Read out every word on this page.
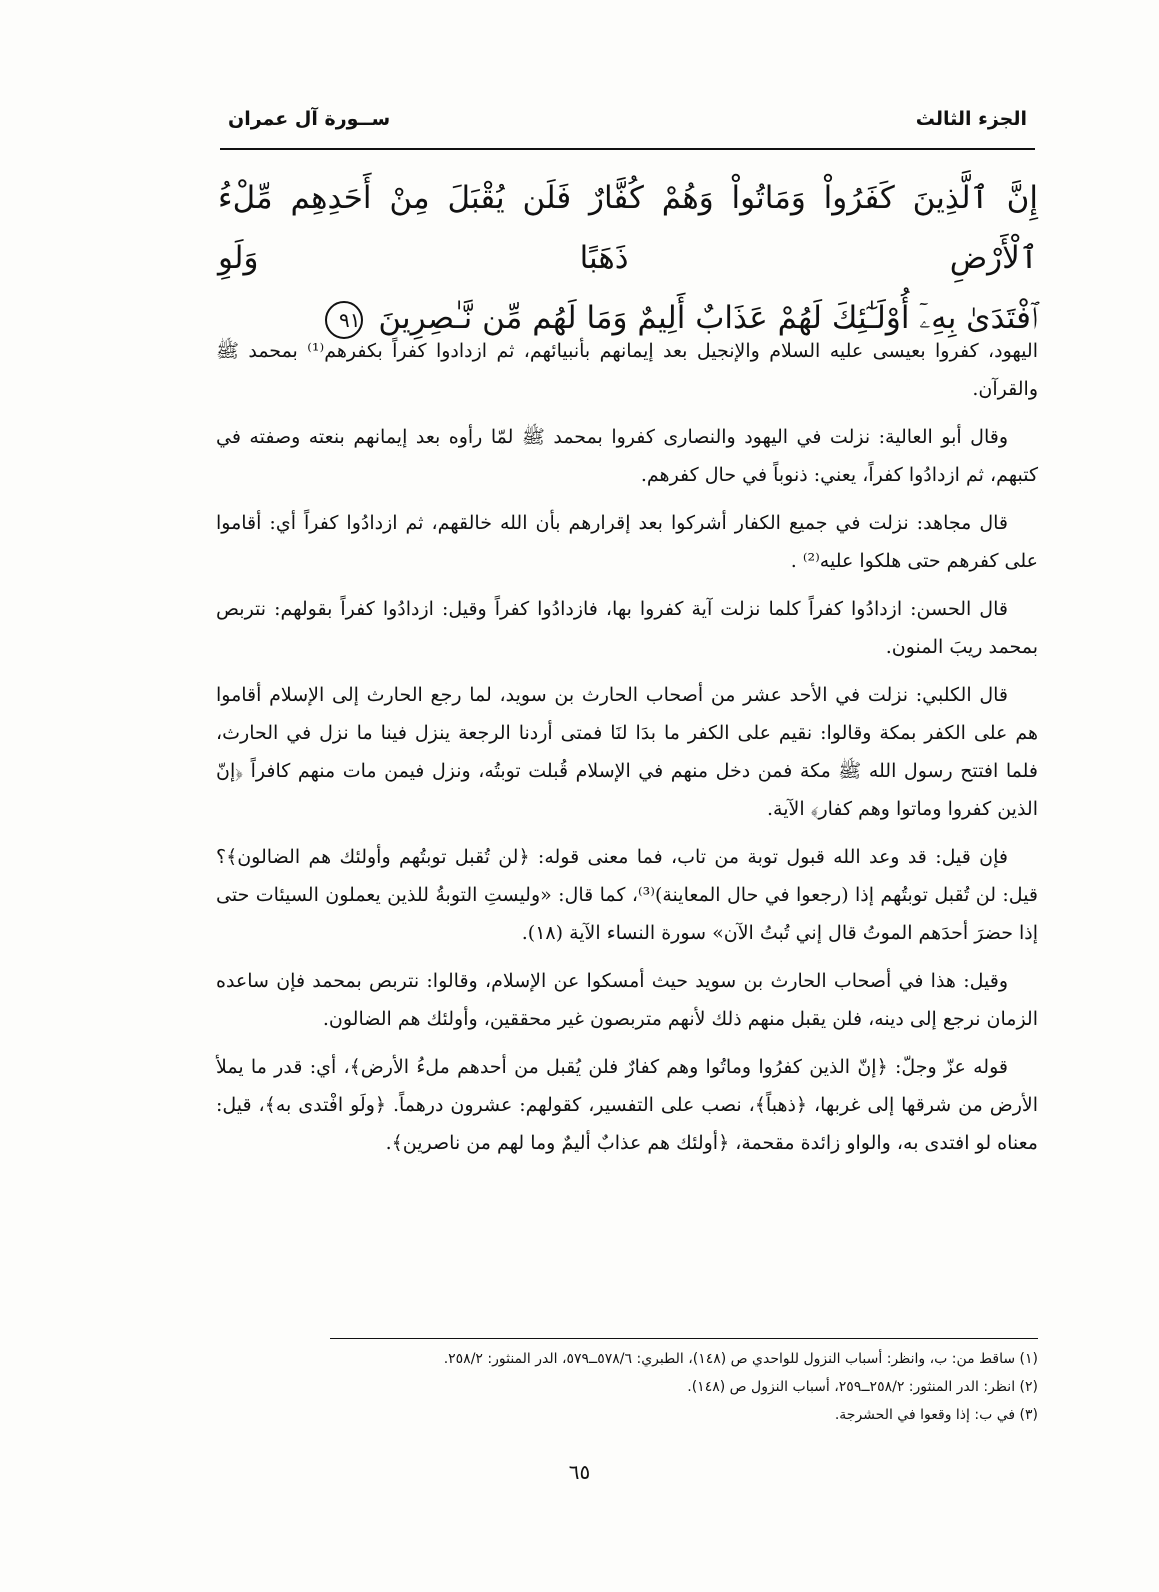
الجزء الثالث
ســورة آل عمران
إِنَّ ٱلَّذِينَ كَفَرُواْ وَمَاتُواْ وَهُمْ كُفَّارٌ فَلَن يُقْبَلَ مِنْ أَحَدِهِم مِّلْءُ ٱلْأَرْضِ ذَهَبًا وَلَوِ
ٱفْتَدَىٰ بِهِۦٓ أُوْلَـٰٓئِكَ لَهُمْ عَذَابٌ أَلِيمٌ وَمَا لَهُم مِّن نَّـٰصِرِينَ ٩١

اليهود، كفروا بعيسى عليه السلام والإنجيل بعد إيمانهم بأنبيائهم، ثم ازدادوا كفراً بكفرهم⁽¹⁾ بمحمد ﷺ والقرآن.

وقال أبو العالية: نزلت في اليهود والنصارى كفروا بمحمد ﷺ لمّا رأوه بعد إيمانهم بنعته وصفته في كتبهم، ثم ازدادُوا كفراً، يعني: ذنوباً في حال كفرهم.

قال مجاهد: نزلت في جميع الكفار أشركوا بعد إقرارهم بأن الله خالقهم، ثم ازدادُوا كفراً أي: أقاموا على كفرهم حتى هلكوا عليه⁽²⁾ .

قال الحسن: ازدادُوا كفراً كلما نزلت آية كفروا بها، فازدادُوا كفراً وقيل: ازدادُوا كفراً بقولهم: نتربص بمحمد ريبَ المنون.

قال الكلبي: نزلت في الأحد عشر من أصحاب الحارث بن سويد، لما رجع الحارث إلى الإسلام أقاموا هم على الكفر بمكة وقالوا: نقيم على الكفر ما بدَا لنَا فمتى أردنا الرجعة ينزل فينا ما نزل في الحارث، فلما افتتح رسول الله ﷺ مكة فمن دخل منهم في الإسلام قُبلت توبتُه، ونزل فيمن مات منهم كافراً ﴿إنّ الذين كفروا وماتوا وهم كفار﴾ الآية.

فإن قيل: قد وعد الله قبول توبة من تاب، فما معنى قوله: ﴿لن تُقبل توبتُهم وأولئك هم الضالون﴾؟ قيل: لن تُقبل توبتُهم إذا (رجعوا في حال المعاينة)⁽³⁾، كما قال: «وليستِ التوبةُ للذين يعملون السيئات حتى إذا حضرَ أحدَهم الموتُ قال إني تُبتُ الآن» سورة النساء الآية (١٨).

وقيل: هذا في أصحاب الحارث بن سويد حيث أمسكوا عن الإسلام، وقالوا: نتربص بمحمد فإن ساعده الزمان نرجع إلى دينه، فلن يقبل منهم ذلك لأنهم متربصون غير محققين، وأولئك هم الضالون.

قوله عزّ وجلّ: ﴿إنّ الذين كفرُوا وماتُوا وهم كفارٌ فلن يُقبل من أحدهم ملءُ الأرض﴾، أي: قدر ما يملأ الأرض من شرقها إلى غربها، ﴿ذهباً﴾، نصب على التفسير، كقولهم: عشرون درهماً. ﴿ولَو افْتدى به﴾، قيل: معناه لو افتدى به، والواو زائدة مقحمة، ﴿أولئك هم عذابٌ أليمٌ وما لهم من ناصرين﴾.

(١) ساقط من: ب، وانظر: أسباب النزول للواحدي ص (١٤٨)، الطبري: ٥٧٨/٦ــ٥٧٩، الدر المنثور: ٢٥٨/٢.
(٢) انظر: الدر المنثور: ٢٥٨/٢ــ٢٥٩، أسباب النزول ص (١٤٨).
(٣) في ب: إذا وقعوا في الحشرجة.
٦٥
